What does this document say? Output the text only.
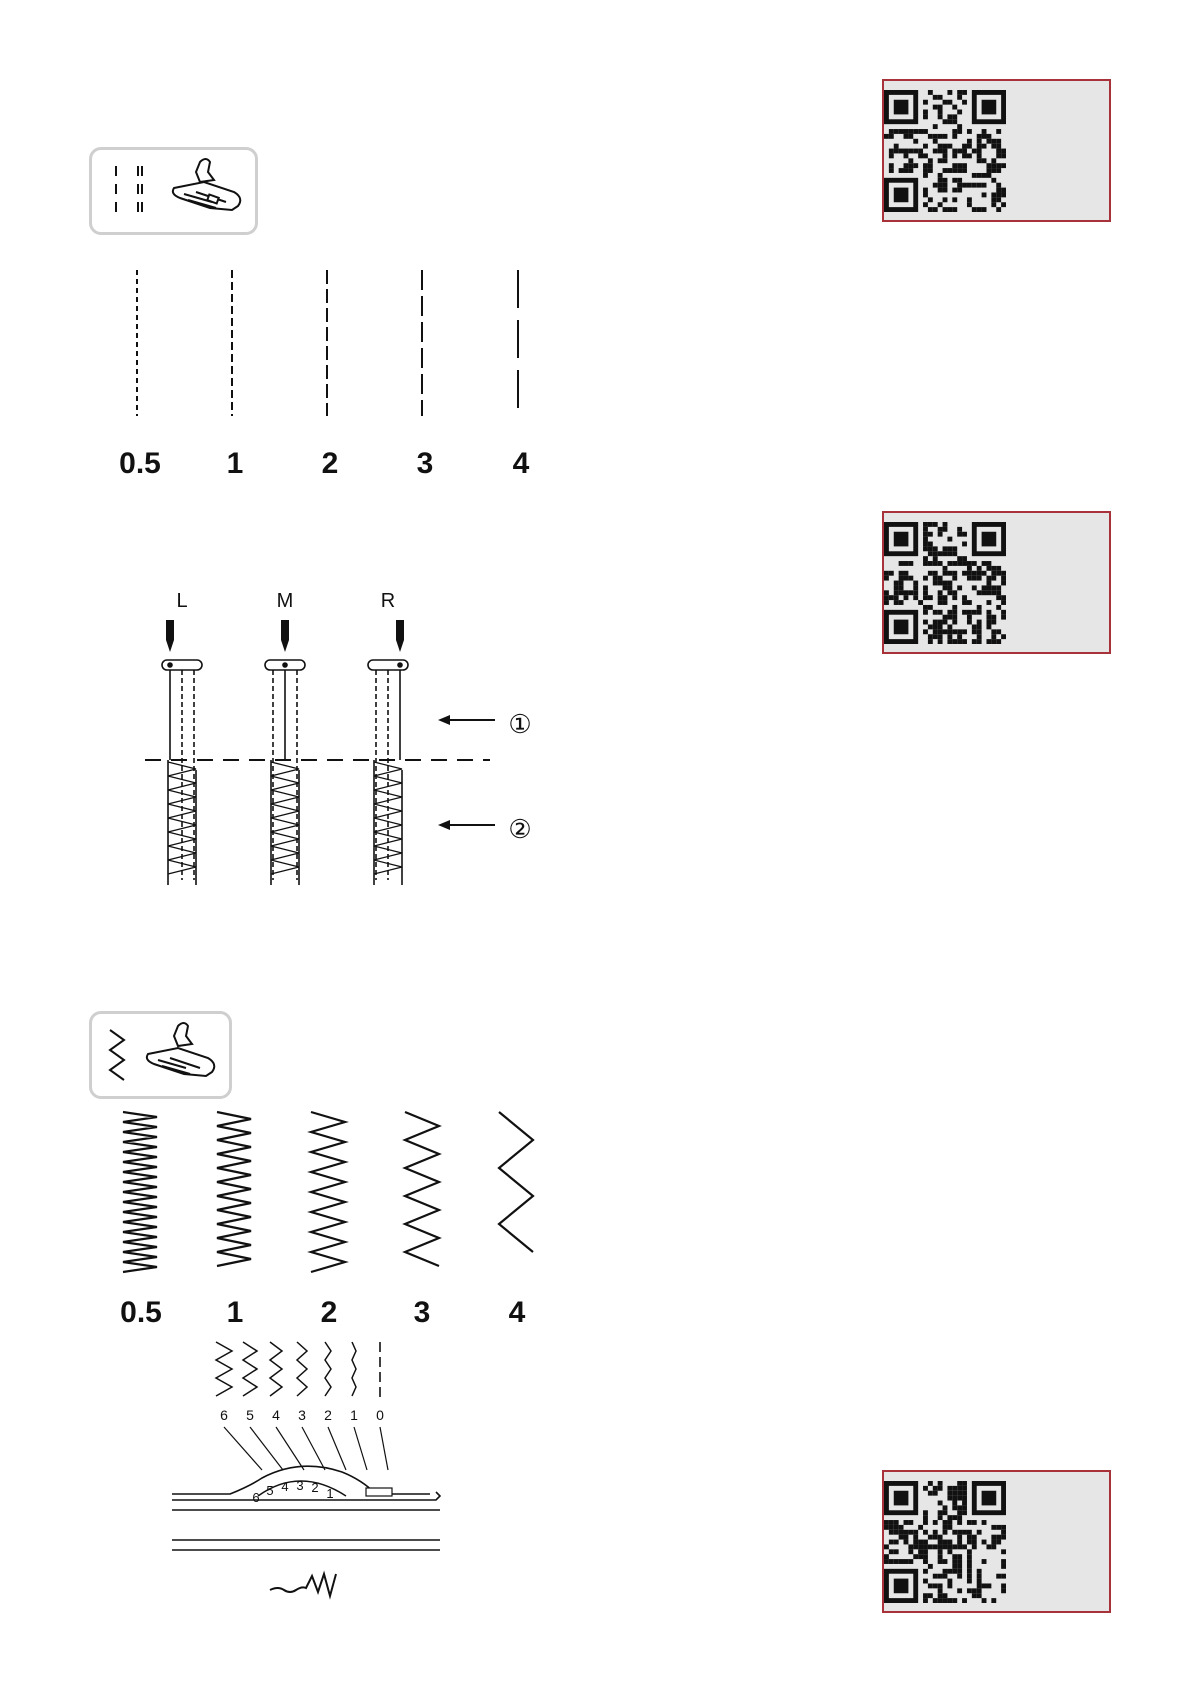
0.5	1	2	3	4
L	M	R
①
②
0.5	1	2	3	4
6	5	4	3	2	1	0
6 5 4 3 2 1
